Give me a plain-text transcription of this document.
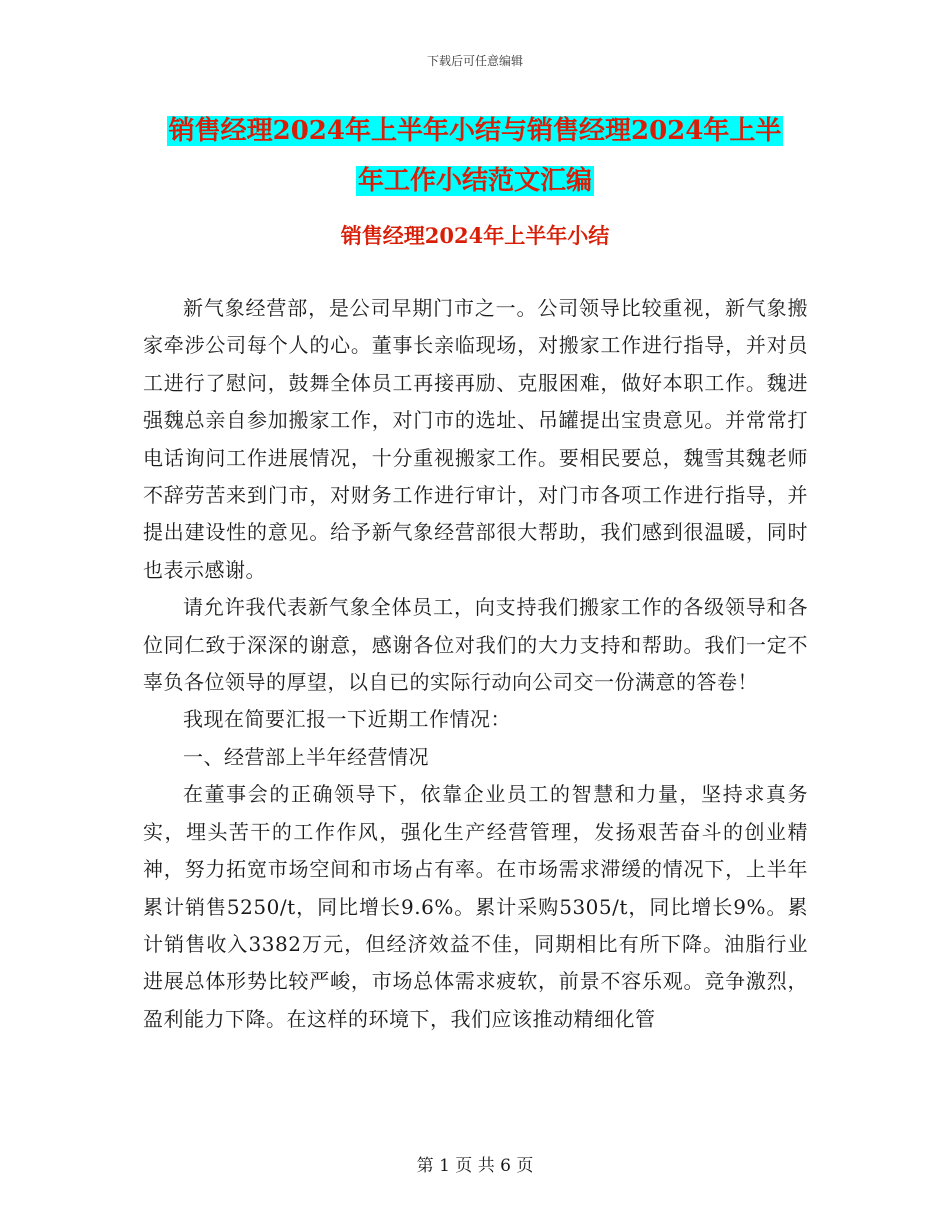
下载后可任意编辑
销售经理2024年上半年小结与销售经理2024年上半
年工作小结范文汇编
销售经理2024年上半年小结

新气象经营部，是公司早期门市之一。公司领导比较重视，新气象搬家牵涉公司每个人的心。董事长亲临现场，对搬家工作进行指导，并对员工进行了慰问，鼓舞全体员工再接再励、克服困难，做好本职工作。魏进强魏总亲自参加搬家工作，对门市的选址、吊罐提出宝贵意见。并常常打电话询问工作进展情况，十分重视搬家工作。要相民要总，魏雪其魏老师不辞劳苦来到门市，对财务工作进行审计，对门市各项工作进行指导，并提出建设性的意见。给予新气象经营部很大帮助，我们感到很温暖，同时也表示感谢。

请允许我代表新气象全体员工，向支持我们搬家工作的各级领导和各位同仁致于深深的谢意，感谢各位对我们的大力支持和帮助。我们一定不辜负各位领导的厚望，以自已的实际行动向公司交一份满意的答卷！

我现在简要汇报一下近期工作情况：

一、经营部上半年经营情况

在董事会的正确领导下，依靠企业员工的智慧和力量，坚持求真务实，埋头苦干的工作作风，强化生产经营管理，发扬艰苦奋斗的创业精神，努力拓宽市场空间和市场占有率。在市场需求滞缓的情况下，上半年累计销售5250/t，同比增长9.6%。累计采购5305/t，同比增长9%。累计销售收入3382万元，但经济效益不佳，同期相比有所下降。油脂行业进展总体形势比较严峻，市场总体需求疲软，前景不容乐观。竞争激烈，盈利能力下降。在这样的环境下，我们应该推动精细化管

第 1 页 共 6 页
